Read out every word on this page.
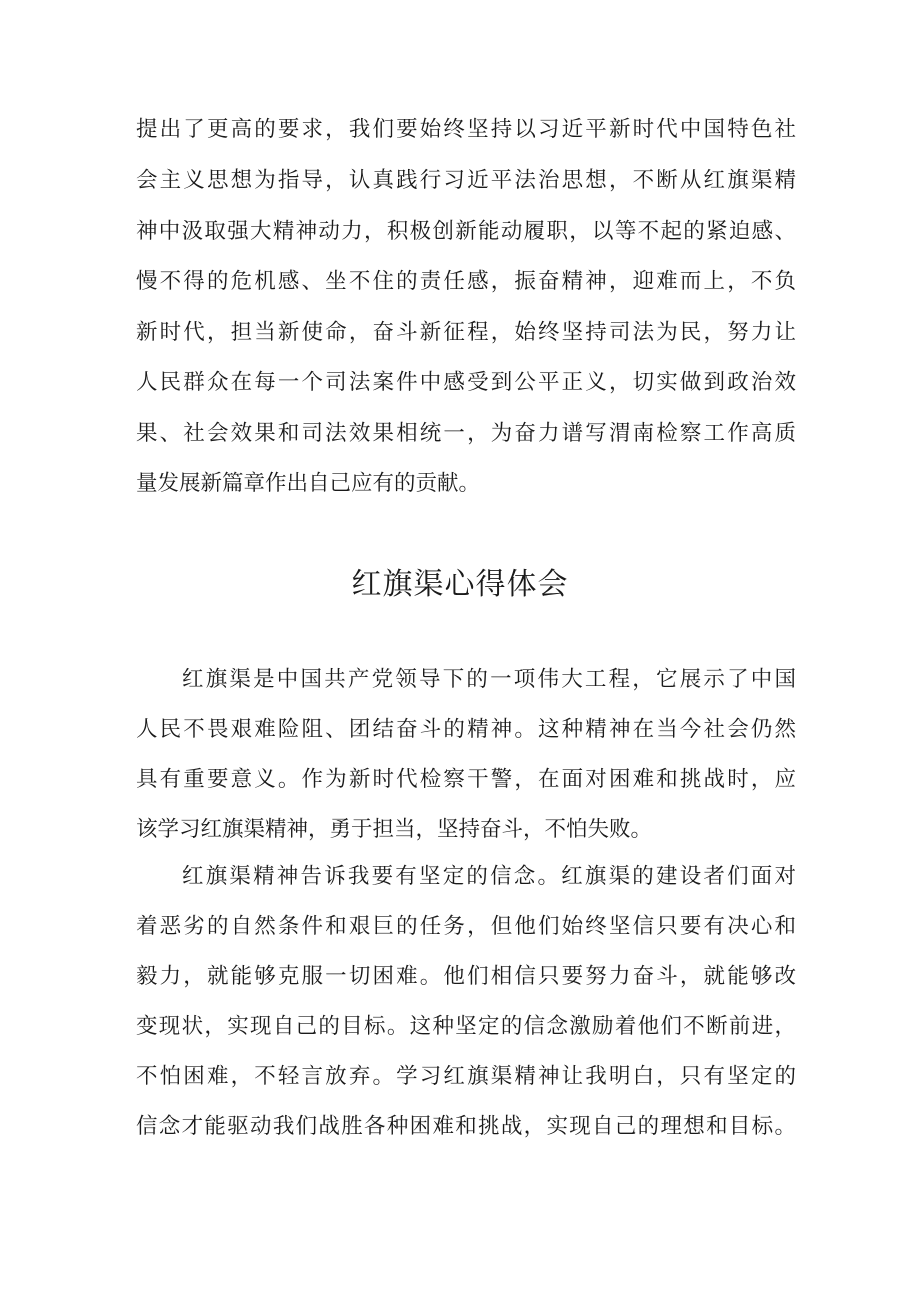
提出了更高的要求，我们要始终坚持以习近平新时代中国特色社
会主义思想为指导，认真践行习近平法治思想，不断从红旗渠精
神中汲取强大精神动力，积极创新能动履职，以等不起的紧迫感、
慢不得的危机感、坐不住的责任感，振奋精神，迎难而上，不负
新时代，担当新使命，奋斗新征程，始终坚持司法为民，努力让
人民群众在每一个司法案件中感受到公平正义，切实做到政治效
果、社会效果和司法效果相统一，为奋力谱写渭南检察工作高质
量发展新篇章作出自己应有的贡献。
红旗渠心得体会
红旗渠是中国共产党领导下的一项伟大工程，它展示了中国
人民不畏艰难险阻、团结奋斗的精神。这种精神在当今社会仍然
具有重要意义。作为新时代检察干警，在面对困难和挑战时，应
该学习红旗渠精神，勇于担当，坚持奋斗，不怕失败。
红旗渠精神告诉我要有坚定的信念。红旗渠的建设者们面对
着恶劣的自然条件和艰巨的任务，但他们始终坚信只要有决心和
毅力，就能够克服一切困难。他们相信只要努力奋斗，就能够改
变现状，实现自己的目标。这种坚定的信念激励着他们不断前进，
不怕困难，不轻言放弃。学习红旗渠精神让我明白，只有坚定的
信念才能驱动我们战胜各种困难和挑战，实现自己的理想和目标。
